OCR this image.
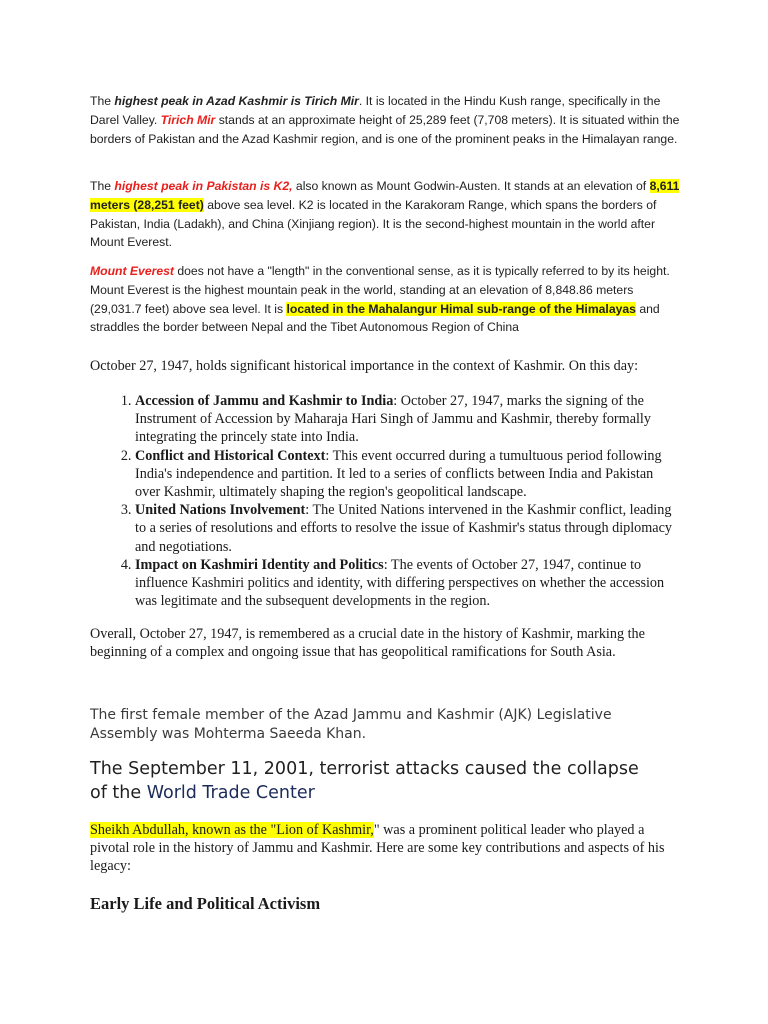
The highest peak in Azad Kashmir is Tirich Mir. It is located in the Hindu Kush range, specifically in the Darel Valley. Tirich Mir stands at an approximate height of 25,289 feet (7,708 meters). It is situated within the borders of Pakistan and the Azad Kashmir region, and is one of the prominent peaks in the Himalayan range.

The highest peak in Pakistan is K2, also known as Mount Godwin-Austen. It stands at an elevation of 8,611 meters (28,251 feet) above sea level. K2 is located in the Karakoram Range, which spans the borders of Pakistan, India (Ladakh), and China (Xinjiang region). It is the second-highest mountain in the world after Mount Everest.

Mount Everest does not have a "length" in the conventional sense, as it is typically referred to by its height. Mount Everest is the highest mountain peak in the world, standing at an elevation of 8,848.86 meters (29,031.7 feet) above sea level. It is located in the Mahalangur Himal sub-range of the Himalayas and straddles the border between Nepal and the Tibet Autonomous Region of China

October 27, 1947, holds significant historical importance in the context of Kashmir. On this day:

1. Accession of Jammu and Kashmir to India: October 27, 1947, marks the signing of the Instrument of Accession by Maharaja Hari Singh of Jammu and Kashmir, thereby formally integrating the princely state into India.
2. Conflict and Historical Context: This event occurred during a tumultuous period following India's independence and partition. It led to a series of conflicts between India and Pakistan over Kashmir, ultimately shaping the region's geopolitical landscape.
3. United Nations Involvement: The United Nations intervened in the Kashmir conflict, leading to a series of resolutions and efforts to resolve the issue of Kashmir's status through diplomacy and negotiations.
4. Impact on Kashmiri Identity and Politics: The events of October 27, 1947, continue to influence Kashmiri politics and identity, with differing perspectives on whether the accession was legitimate and the subsequent developments in the region.

Overall, October 27, 1947, is remembered as a crucial date in the history of Kashmir, marking the beginning of a complex and ongoing issue that has geopolitical ramifications for South Asia.

The first female member of the Azad Jammu and Kashmir (AJK) Legislative Assembly was Mohterma Saeeda Khan.

The September 11, 2001, terrorist attacks caused the collapse of the World Trade Center

Sheikh Abdullah, known as the "Lion of Kashmir," was a prominent political leader who played a pivotal role in the history of Jammu and Kashmir. Here are some key contributions and aspects of his legacy:

Early Life and Political Activism
